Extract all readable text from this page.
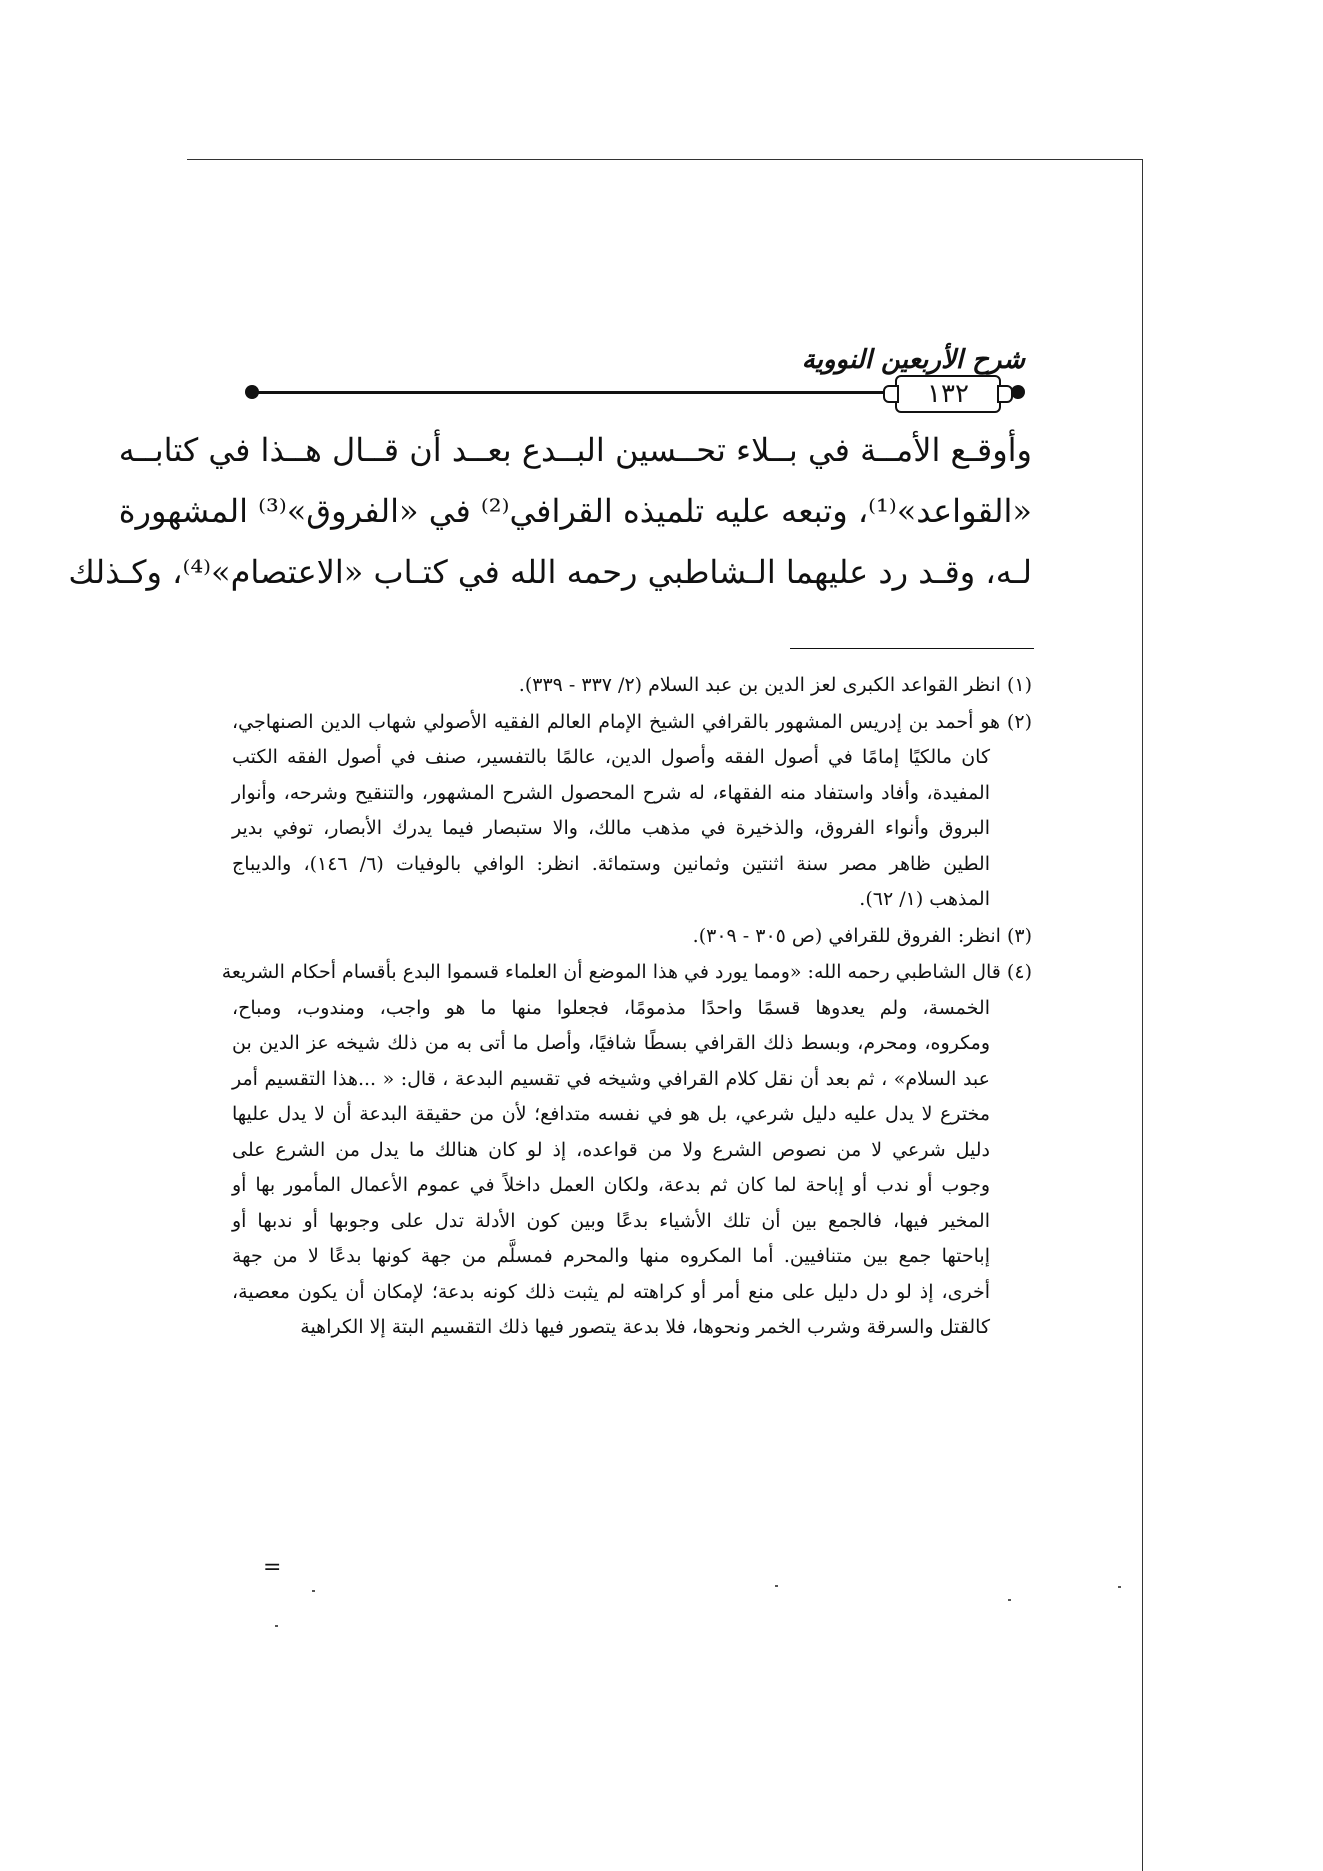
شرح الأربعين النووية
١٣٢
وأوقـع الأمــة في بــلاء تحــسين البــدع بعــد أن قــال هــذا في كتابــه
«القواعد»⁽¹⁾، وتبعه عليه تلميذه القرافي⁽²⁾ في «الفروق»⁽³⁾ المشهورة
لـه، وقـد رد عليهما الـشاطبي رحمه الله في كتـاب «الاعتصام»⁽⁴⁾، وكـذلك
(١) انظر القواعد الكبرى لعز الدين بن عبد السلام (٢/ ٣٣٧ - ٣٣٩).
(٢) هو أحمد بن إدريس المشهور بالقرافي الشيخ الإمام العالم الفقيه الأصولي شهاب الدين الصنهاجي،
كان مالكيًا إمامًا في أصول الفقه وأصول الدين، عالمًا بالتفسير، صنف في أصول الفقه الكتب
المفيدة، وأفاد واستفاد منه الفقهاء، له شرح المحصول الشرح المشهور، والتنقيح وشرحه، وأنوار
البروق وأنواء الفروق، والذخيرة في مذهب مالك، والا ستبصار فيما يدرك الأبصار، توفي بدير
الطين ظاهر مصر سنة اثنتين وثمانين وستمائة. انظر: الوافي بالوفيات (٦/ ١٤٦)، والديباج
المذهب (١/ ٦٢).
(٣) انظر: الفروق للقرافي (ص ٣٠٥ - ٣٠٩).
(٤) قال الشاطبي رحمه الله: «ومما يورد في هذا الموضع أن العلماء قسموا البدع بأقسام أحكام الشريعة
الخمسة، ولم يعدوها قسمًا واحدًا مذمومًا، فجعلوا منها ما هو واجب، ومندوب، ومباح،
ومكروه، ومحرم، وبسط ذلك القرافي بسطًا شافيًا، وأصل ما أتى به من ذلك شيخه عز الدين بن
عبد السلام» ، ثم بعد أن نقل كلام القرافي وشيخه في تقسيم البدعة ، قال: « ...هذا التقسيم أمر
مخترع لا يدل عليه دليل شرعي، بل هو في نفسه متدافع؛ لأن من حقيقة البدعة أن لا يدل عليها
دليل شرعي لا من نصوص الشرع ولا من قواعده، إذ لو كان هنالك ما يدل من الشرع على
وجوب أو ندب أو إباحة لما كان ثم بدعة، ولكان العمل داخلاً في عموم الأعمال المأمور بها أو
المخير فيها، فالجمع بين أن تلك الأشياء بدعًا وبين كون الأدلة تدل على وجوبها أو ندبها أو
إباحتها جمع بين متنافيين. أما المكروه منها والمحرم فمسلَّم من جهة كونها بدعًا لا من جهة
أخرى، إذ لو دل دليل على منع أمر أو كراهته لم يثبت ذلك كونه بدعة؛ لإمكان أن يكون معصية،
كالقتل والسرقة وشرب الخمر ونحوها، فلا بدعة يتصور فيها ذلك التقسيم البتة إلا الكراهية
=
